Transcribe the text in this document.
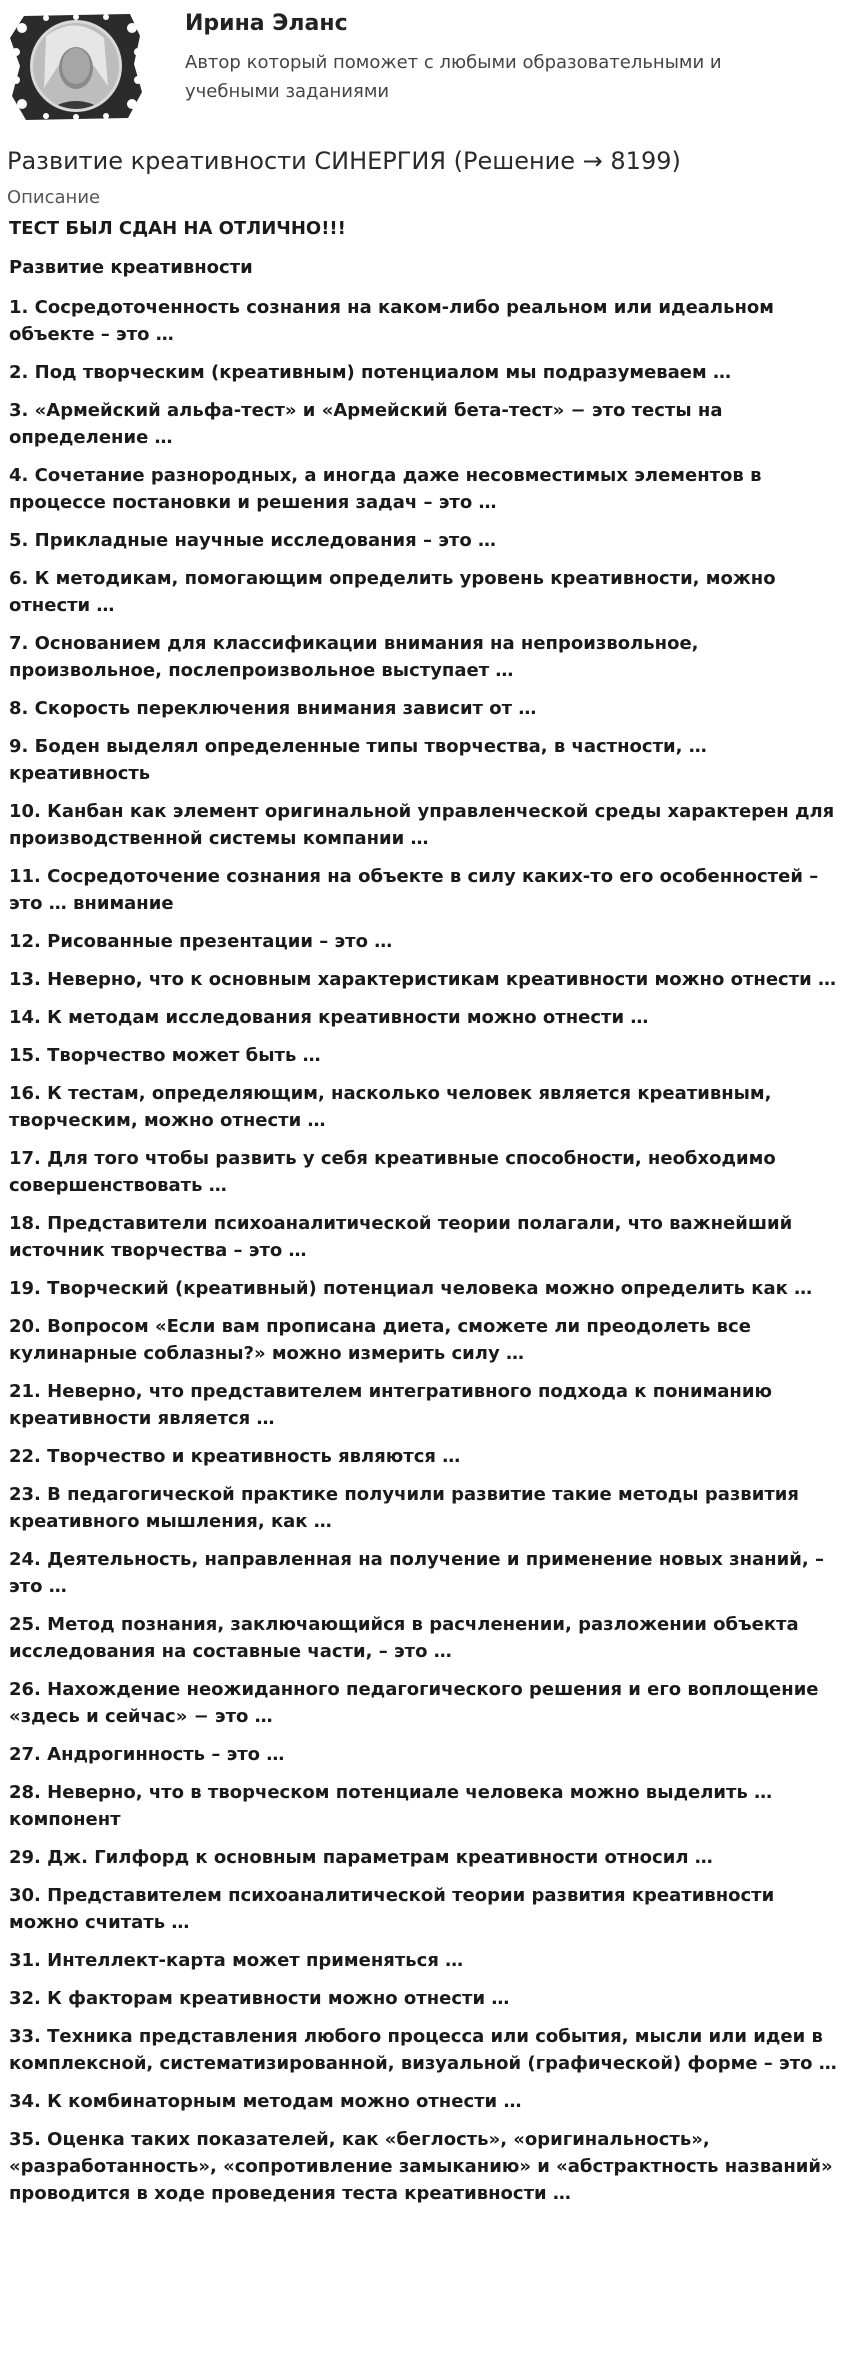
Ирина Эланс
Автор который поможет с любыми образовательными и учебными заданиями
Развитие креативности СИНЕРГИЯ (Решение → 8199)
Описание

ТЕСТ БЫЛ СДАН НА ОТЛИЧНО!!!

Развитие креативности

1. Сосредоточенность сознания на каком-либо реальном или идеальном объекте – это …

2. Под творческим (креативным) потенциалом мы подразумеваем …

3. «Армейский альфа-тест» и «Армейский бета-тест» − это тесты на определение …

4. Сочетание разнородных, а иногда даже несовместимых элементов в процессе постановки и решения задач – это …

5. Прикладные научные исследования – это …

6. К методикам, помогающим определить уровень креативности, можно отнести …

7. Основанием для классификации внимания на непроизвольное, произвольное, послепроизвольное выступает …

8. Скорость переключения внимания зависит от …

9. Боден выделял определенные типы творчества, в частности, … креативность

10. Канбан как элемент оригинальной управленческой среды характерен для производственной системы компании …

11. Сосредоточение сознания на объекте в силу каких-то его особенностей – это … внимание

12. Рисованные презентации – это …

13. Неверно, что к основным характеристикам креативности можно отнести …

14. К методам исследования креативности можно отнести …

15. Творчество может быть …

16. К тестам, определяющим, насколько человек является креативным, творческим, можно отнести …

17. Для того чтобы развить у себя креативные способности, необходимо совершенствовать …

18. Представители психоаналитической теории полагали, что важнейший источник творчества – это …

19. Творческий (креативный) потенциал человека можно определить как …

20. Вопросом «Если вам прописана диета, сможете ли преодолеть все кулинарные соблазны?» можно измерить силу …

21. Неверно, что представителем интегративного подхода к пониманию креативности является …

22. Творчество и креативность являются …

23. В педагогической практике получили развитие такие методы развития креативного мышления, как …

24. Деятельность, направленная на получение и применение новых знаний, – это …

25. Метод познания, заключающийся в расчленении, разложении объекта исследования на составные части, – это …

26. Нахождение неожиданного педагогического решения и его воплощение «здесь и сейчас» − это …

27. Андрогинность – это …

28. Неверно, что в творческом потенциале человека можно выделить … компонент

29. Дж. Гилфорд к основным параметрам креативности относил …

30. Представителем психоаналитической теории развития креативности можно считать …

31. Интеллект-карта может применяться …

32. К факторам креативности можно отнести …

33. Техника представления любого процесса или события, мысли или идеи в комплексной, систематизированной, визуальной (графической) форме – это …

34. К комбинаторным методам можно отнести …

35. Оценка таких показателей, как «беглость», «оригинальность», «разработанность», «сопротивление замыканию» и «абстрактность названий» проводится в ходе проведения теста креативности …
